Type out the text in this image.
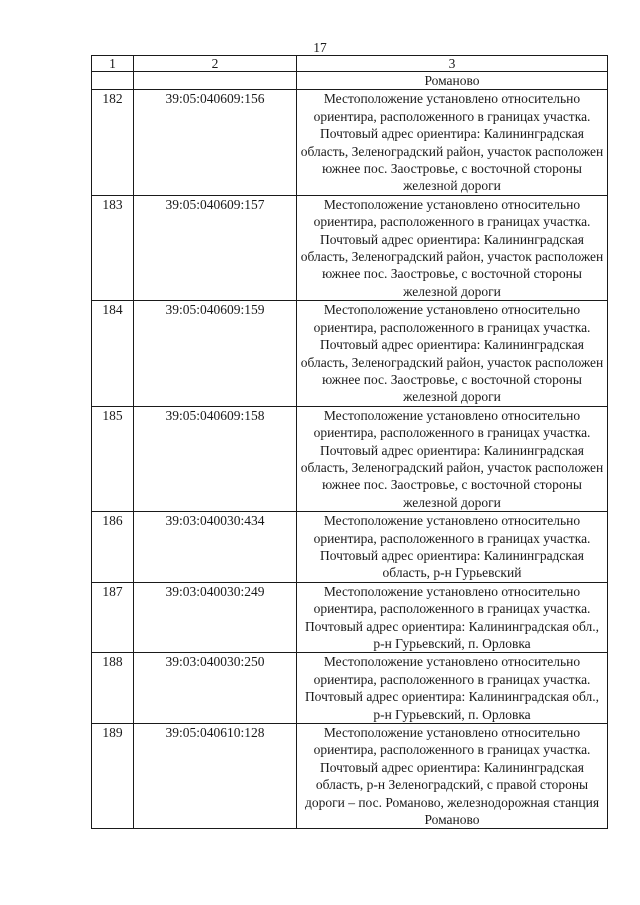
17
1	2	3
		Романово
182	39:05:040609:156	Местоположение установлено относительно ориентира, расположенного в границах участка. Почтовый адрес ориентира: Калининградская область, Зеленоградский район, участок расположен южнее пос. Заостровье, с восточной стороны железной дороги
183	39:05:040609:157	Местоположение установлено относительно ориентира, расположенного в границах участка. Почтовый адрес ориентира: Калининградская область, Зеленоградский район, участок расположен южнее пос. Заостровье, с восточной стороны железной дороги
184	39:05:040609:159	Местоположение установлено относительно ориентира, расположенного в границах участка. Почтовый адрес ориентира: Калининградская область, Зеленоградский район, участок расположен южнее пос. Заостровье, с восточной стороны железной дороги
185	39:05:040609:158	Местоположение установлено относительно ориентира, расположенного в границах участка. Почтовый адрес ориентира: Калининградская область, Зеленоградский район, участок расположен южнее пос. Заостровье, с восточной стороны железной дороги
186	39:03:040030:434	Местоположение установлено относительно ориентира, расположенного в границах участка. Почтовый адрес ориентира: Калининградская область, р-н Гурьевский
187	39:03:040030:249	Местоположение установлено относительно ориентира, расположенного в границах участка. Почтовый адрес ориентира: Калининградская обл., р-н Гурьевский, п. Орловка
188	39:03:040030:250	Местоположение установлено относительно ориентира, расположенного в границах участка. Почтовый адрес ориентира: Калининградская обл., р-н Гурьевский, п. Орловка
189	39:05:040610:128	Местоположение установлено относительно ориентира, расположенного в границах участка. Почтовый адрес ориентира: Калининградская область, р-н Зеленоградский, с правой стороны дороги – пос. Романово, железнодорожная станция Романово
